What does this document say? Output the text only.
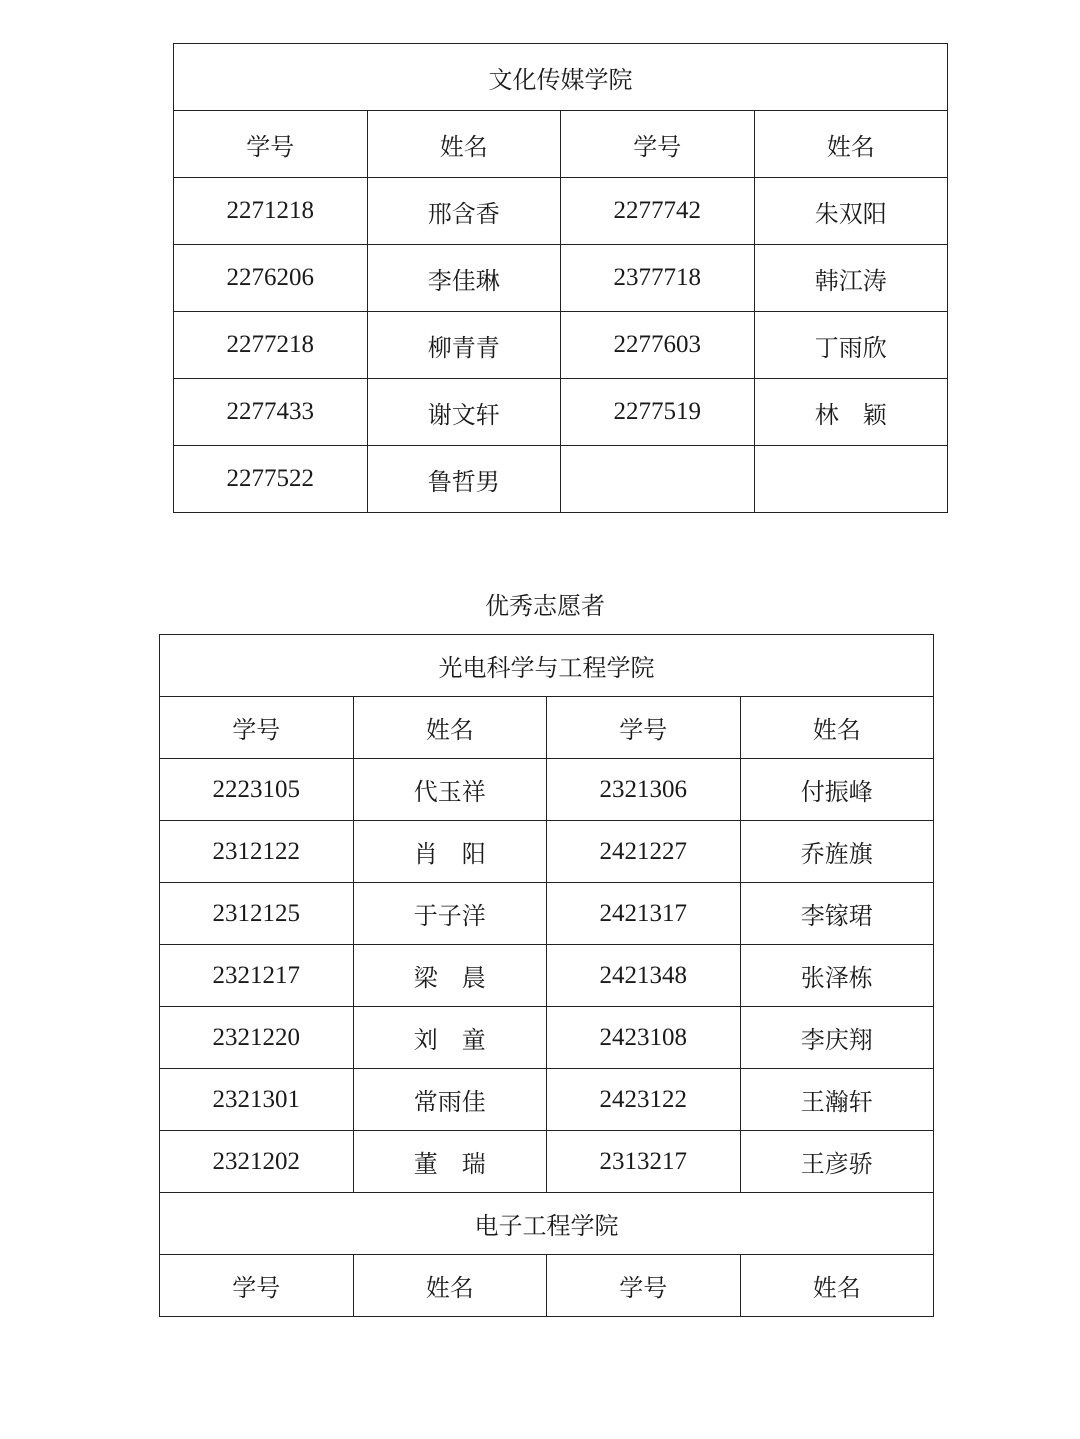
文化传媒学院			
学号	姓名	学号	姓名
2271218	邢含香	2277742	朱双阳
2276206	李佳琳	2377718	韩江涛
2277218	柳青青	2277603	丁雨欣
2277433	谢文轩	2277519	林　颖
2277522	鲁哲男		
优秀志愿者
光电科学与工程学院			
学号	姓名	学号	姓名
2223105	代玉祥	2321306	付振峰
2312122	肖　阳	2421227	乔旌旗
2312125	于子洋	2421317	李镓珺
2321217	梁　晨	2421348	张泽栋
2321220	刘　童	2423108	李庆翔
2321301	常雨佳	2423122	王瀚轩
2321202	董　瑞	2313217	王彦骄
电子工程学院			
学号	姓名	学号	姓名
